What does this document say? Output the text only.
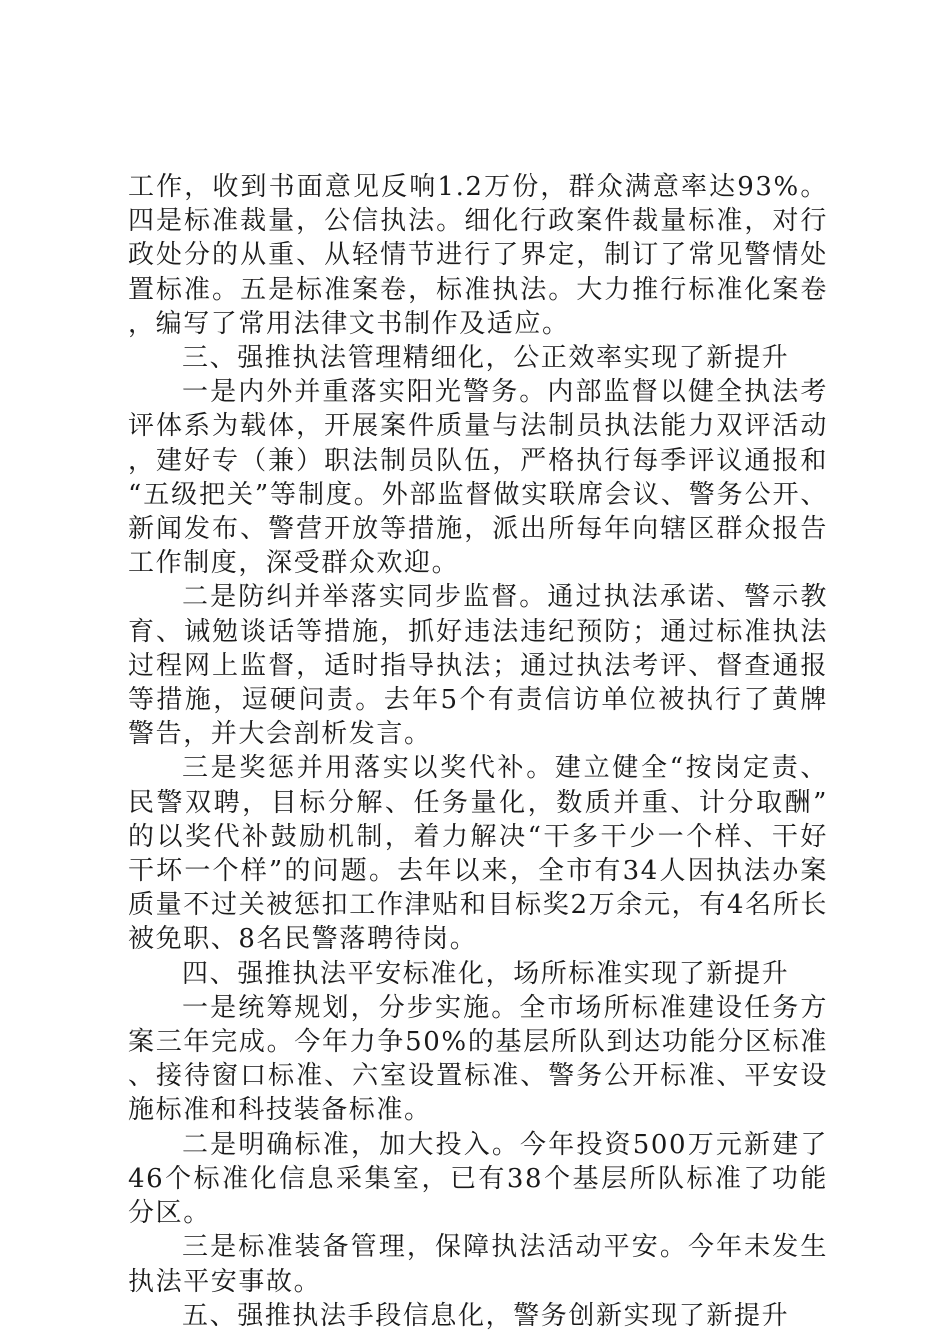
工作，收到书面意见反响1.2万份，群众满意率达93%。四是标准裁量，公信执法。细化行政案件裁量标准，对行政处分的从重、从轻情节进行了界定，制订了常见警情处置标准。五是标准案卷，标准执法。大力推行标准化案卷，编写了常用法律文书制作及适应。

三、强推执法管理精细化，公正效率实现了新提升

一是内外并重落实阳光警务。内部监督以健全执法考评体系为载体，开展案件质量与法制员执法能力双评活动，建好专（兼）职法制员队伍，严格执行每季评议通报和“五级把关”等制度。外部监督做实联席会议、警务公开、新闻发布、警营开放等措施，派出所每年向辖区群众报告工作制度，深受群众欢迎。

二是防纠并举落实同步监督。通过执法承诺、警示教育、诫勉谈话等措施，抓好违法违纪预防；通过标准执法过程网上监督，适时指导执法；通过执法考评、督查通报等措施，逗硬问责。去年5个有责信访单位被执行了黄牌警告，并大会剖析发言。

三是奖惩并用落实以奖代补。建立健全“按岗定责、民警双聘，目标分解、任务量化，数质并重、计分取酬”的以奖代补鼓励机制，着力解决“干多干少一个样、干好干坏一个样”的问题。去年以来，全市有34人因执法办案质量不过关被惩扣工作津贴和目标奖2万余元，有4名所长被免职、8名民警落聘待岗。

四、强推执法平安标准化，场所标准实现了新提升

一是统筹规划，分步实施。全市场所标准建设任务方案三年完成。今年力争50%的基层所队到达功能分区标准、接待窗口标准、六室设置标准、警务公开标准、平安设施标准和科技装备标准。

二是明确标准，加大投入。今年投资500万元新建了46个标准化信息采集室，已有38个基层所队标准了功能分区。

三是标准装备管理，保障执法活动平安。今年未发生执法平安事故。

五、强推执法手段信息化，警务创新实现了新提升
